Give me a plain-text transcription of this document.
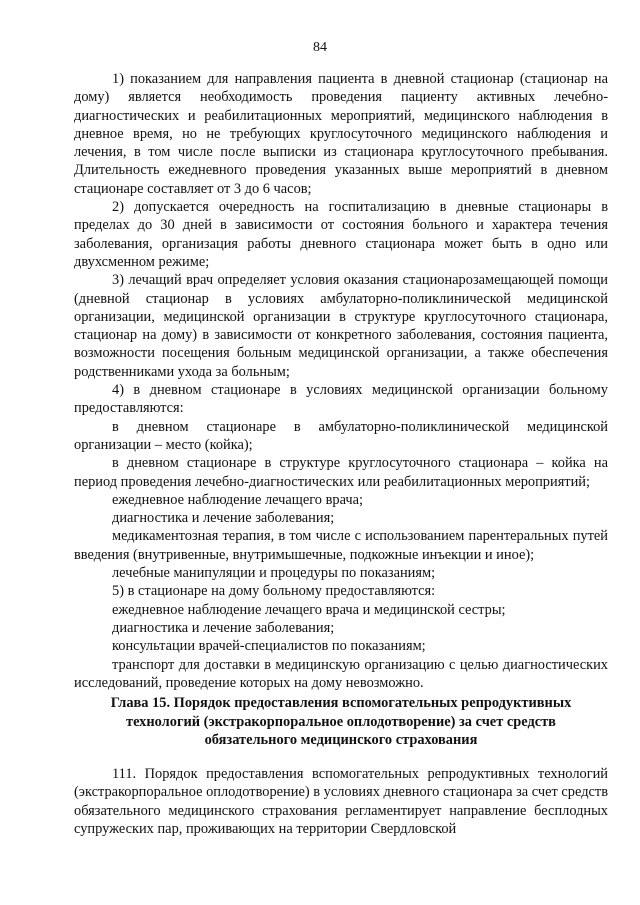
84

1) показанием для направления пациента в дневной стационар (стационар на дому) является необходимость проведения пациенту активных лечебно-диагностических и реабилитационных мероприятий, медицинского наблюдения в дневное время, но не требующих круглосуточного медицинского наблюдения и лечения, в том числе после выписки из стационара круглосуточного пребывания. Длительность ежедневного проведения указанных выше мероприятий в дневном стационаре составляет от 3 до 6 часов;

2) допускается очередность на госпитализацию в дневные стационары в пределах до 30 дней в зависимости от состояния больного и характера течения заболевания, организация работы дневного стационара может быть в одно или двухсменном режиме;

3) лечащий врач определяет условия оказания стационарозамещающей помощи (дневной стационар в условиях амбулаторно-поликлинической медицинской организации, медицинской организации в структуре круглосуточного стационара, стационар на дому) в зависимости от конкретного заболевания, состояния пациента, возможности посещения больным медицинской организации, а также обеспечения родственниками ухода за больным;

4) в дневном стационаре в условиях медицинской организации больному предоставляются:

в дневном стационаре в амбулаторно-поликлинической медицинской организации – место (койка);

в дневном стационаре в структуре круглосуточного стационара – койка на период проведения лечебно-диагностических или реабилитационных мероприятий;

ежедневное наблюдение лечащего врача;

диагностика и лечение заболевания;

медикаментозная терапия, в том числе с использованием парентеральных путей введения (внутривенные, внутримышечные, подкожные инъекции и иное);

лечебные манипуляции и процедуры по показаниям;

5) в стационаре на дому больному предоставляются:

ежедневное наблюдение лечащего врача и медицинской сестры;

диагностика и лечение заболевания;

консультации врачей-специалистов по показаниям;

транспорт для доставки в медицинскую организацию с целью диагностических исследований, проведение которых на дому невозможно.

Глава 15. Порядок предоставления вспомогательных репродуктивных
технологий (экстракорпоральное оплодотворение) за счет средств
обязательного медицинского страхования

111. Порядок предоставления вспомогательных репродуктивных технологий (экстракорпоральное оплодотворение) в условиях дневного стационара за счет средств обязательного медицинского страхования регламентирует направление бесплодных супружеских пар, проживающих на территории Свердловской
